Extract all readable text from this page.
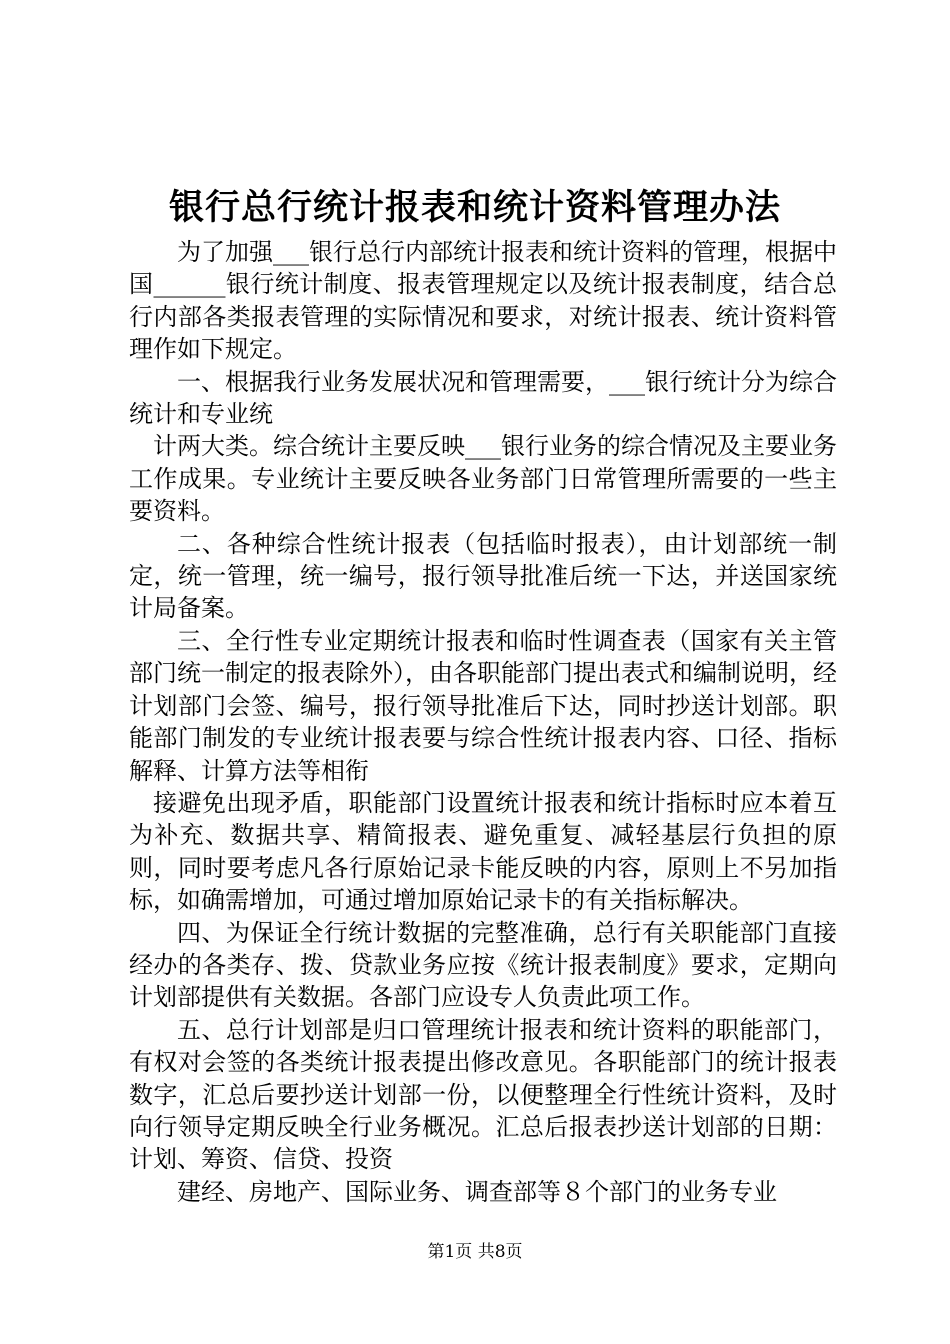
银行总行统计报表和统计资料管理办法

为了加强___银行总行内部统计报表和统计资料的管理，根据中国______银行统计制度、报表管理规定以及统计报表制度，结合总行内部各类报表管理的实际情况和要求，对统计报表、统计资料管理作如下规定。

一、根据我行业务发展状况和管理需要，___银行统计分为综合统计和专业统

计两大类。综合统计主要反映___银行业务的综合情况及主要业务工作成果。专业统计主要反映各业务部门日常管理所需要的一些主要资料。

二、各种综合性统计报表（包括临时报表），由计划部统一制定，统一管理，统一编号，报行领导批准后统一下达，并送国家统计局备案。

三、全行性专业定期统计报表和临时性调查表（国家有关主管部门统一制定的报表除外），由各职能部门提出表式和编制说明，经计划部门会签、编号，报行领导批准后下达，同时抄送计划部。职能部门制发的专业统计报表要与综合性统计报表内容、口径、指标解释、计算方法等相衔

接避免出现矛盾，职能部门设置统计报表和统计指标时应本着互为补充、数据共享、精简报表、避免重复、减轻基层行负担的原则，同时要考虑凡各行原始记录卡能反映的内容，原则上不另加指标，如确需增加，可通过增加原始记录卡的有关指标解决。

四、为保证全行统计数据的完整准确，总行有关职能部门直接经办的各类存、拨、贷款业务应按《统计报表制度》要求，定期向计划部提供有关数据。各部门应设专人负责此项工作。

五、总行计划部是归口管理统计报表和统计资料的职能部门，有权对会签的各类统计报表提出修改意见。各职能部门的统计报表数字，汇总后要抄送计划部一份，以便整理全行性统计资料，及时向行领导定期反映全行业务概况。汇总后报表抄送计划部的日期：计划、筹资、信贷、投资

建经、房地产、国际业务、调查部等８个部门的业务专业

第1页 共8页
